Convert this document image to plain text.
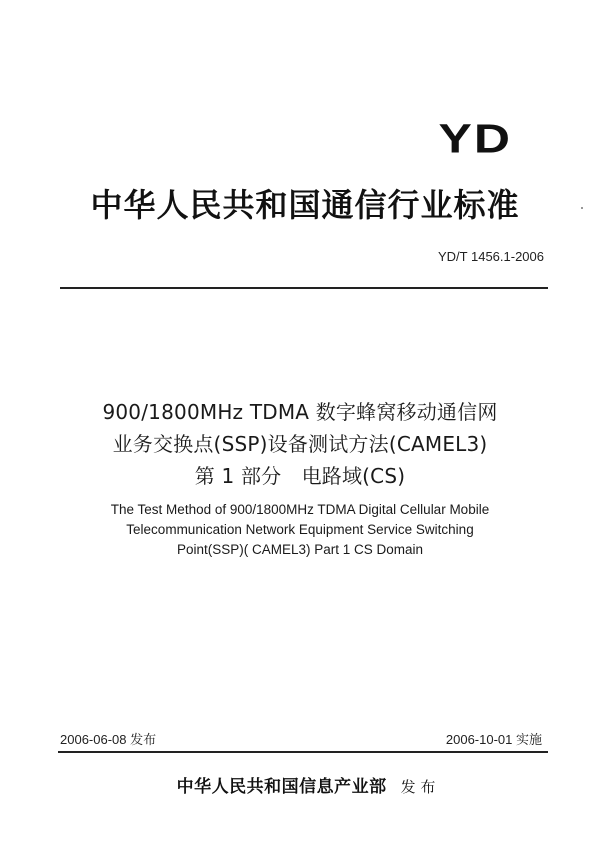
YD
中华人民共和国通信行业标准
YD/T 1456.1-2006
900/1800MHz TDMA 数字蜂窝移动通信网
业务交换点(SSP)设备测试方法(CAMEL3)
第 1 部分　电路域(CS)
The Test Method of 900/1800MHz TDMA Digital Cellular Mobile
Telecommunication Network Equipment Service Switching
Point(SSP)( CAMEL3) Part 1 CS Domain
2006-06-08 发布	2006-10-01 实施
中华人民共和国信息产业部 发 布
